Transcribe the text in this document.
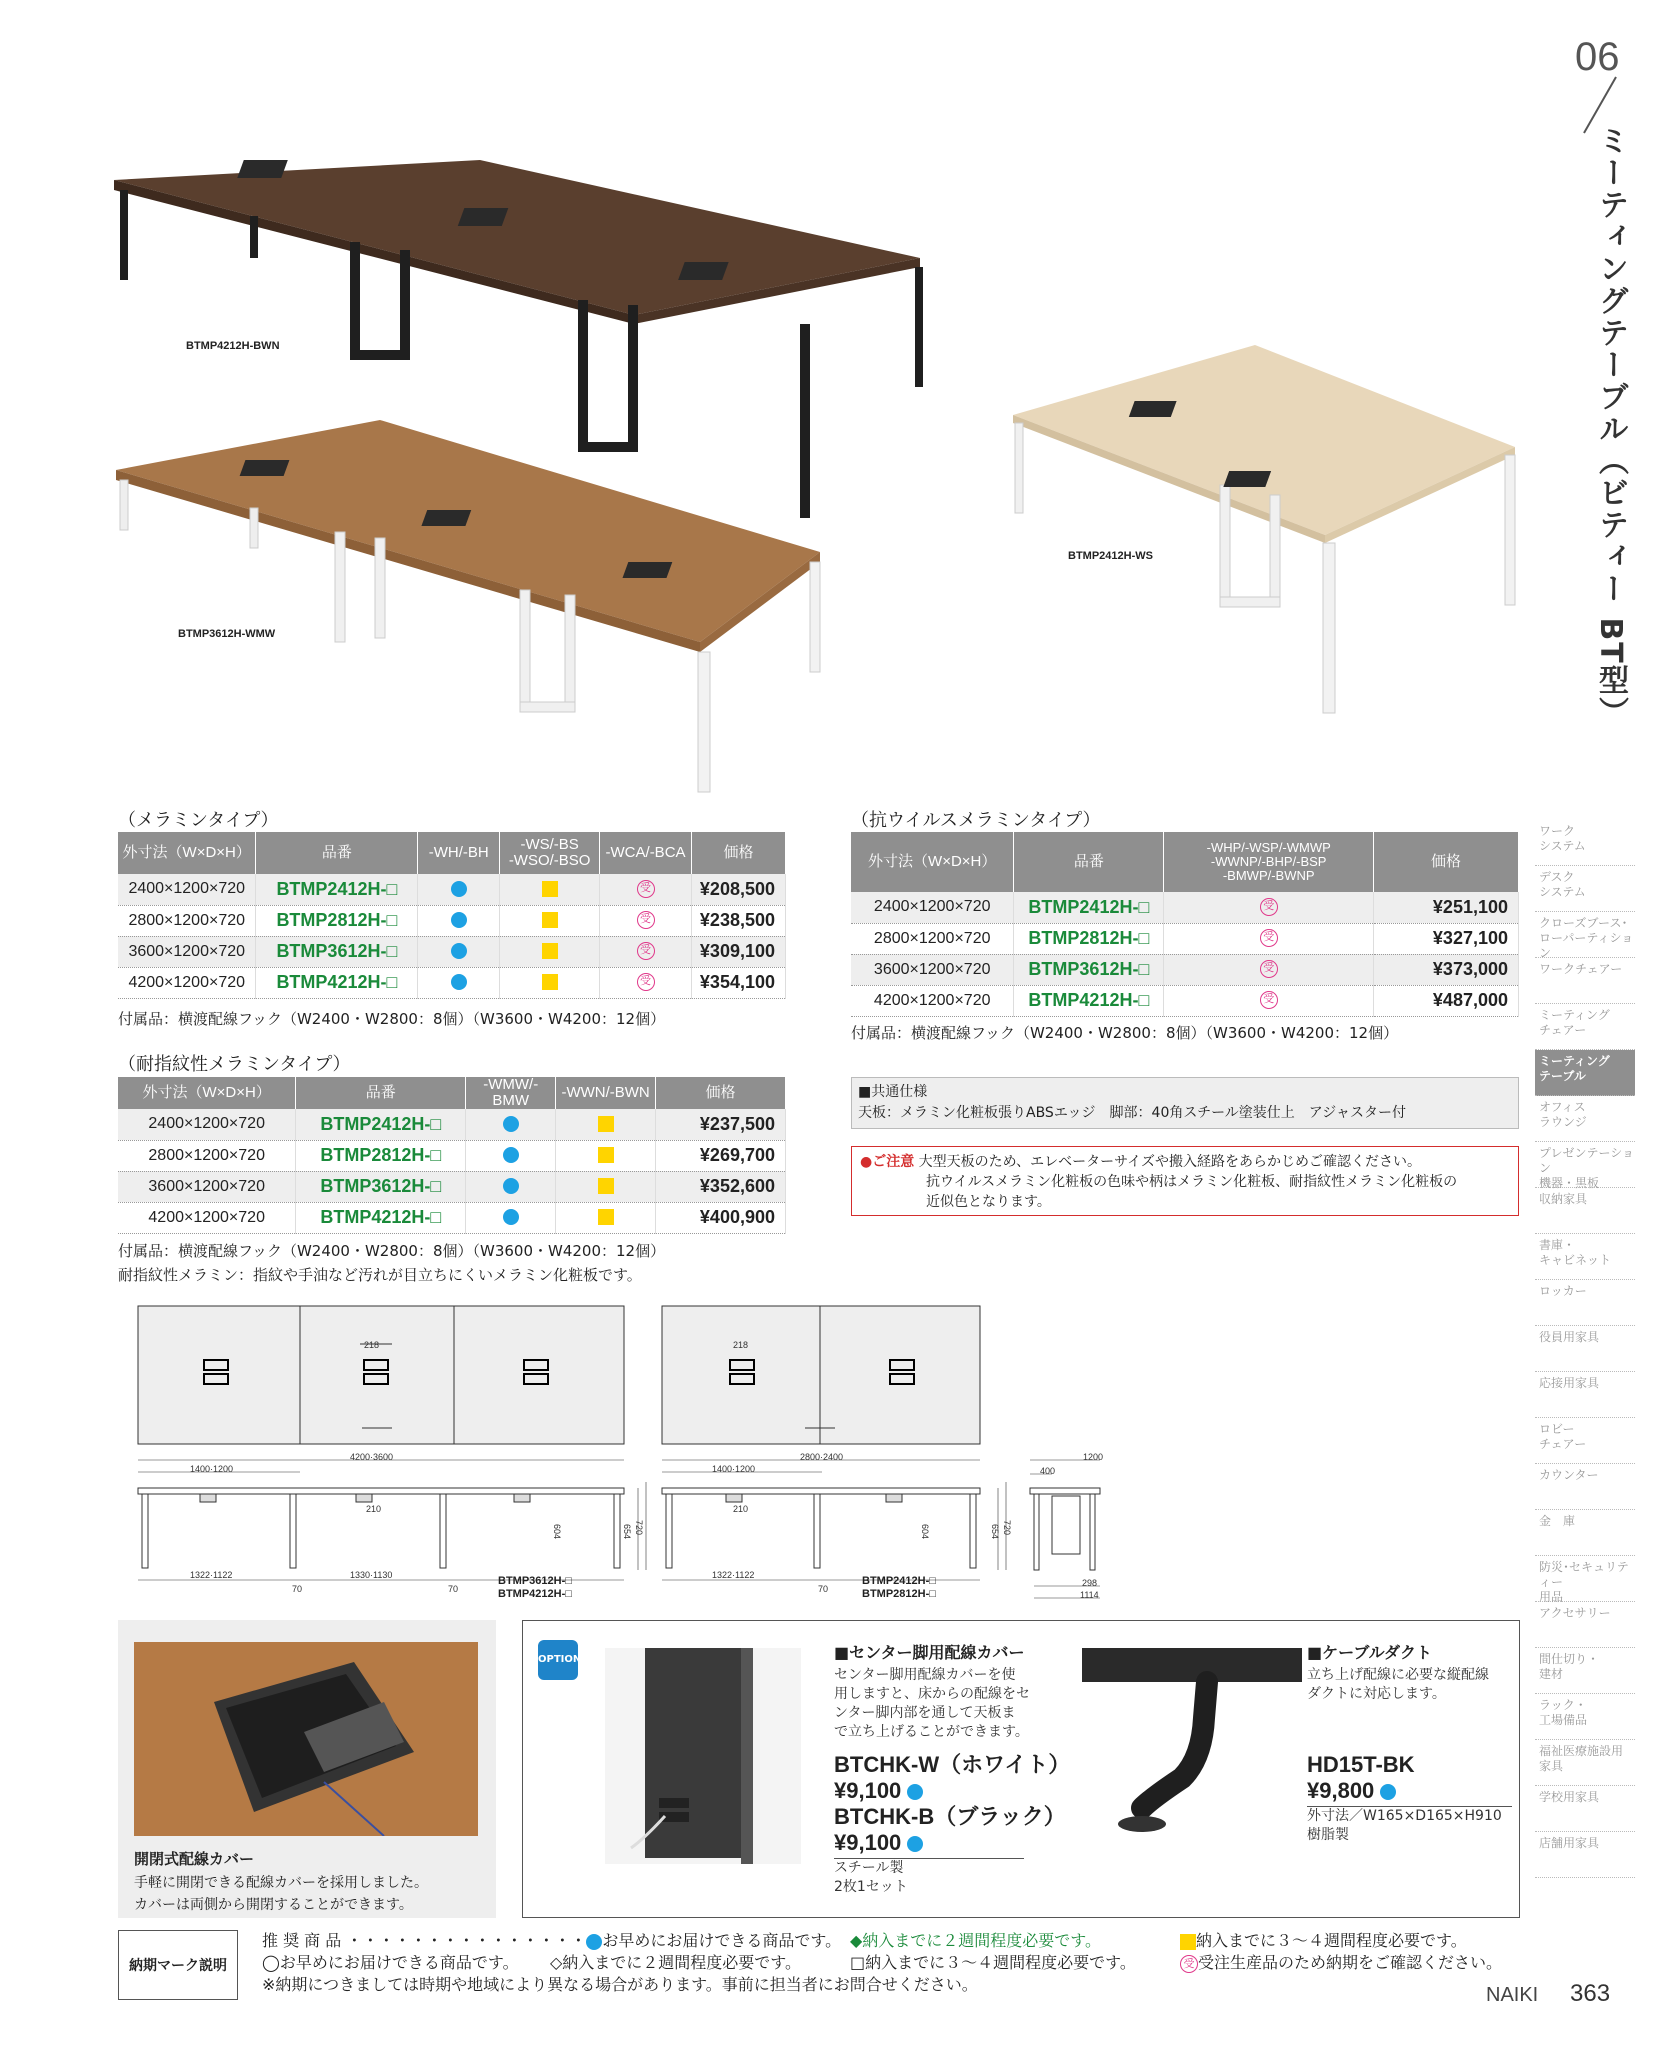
06
ミーティングテーブル（ビティー BT型）
BTMP4212H-BWN
BTMP3612H-WMW
BTMP2412H-WS
（メラミンタイプ）
外寸法（W×D×H）	品番	-WH/-BH	-WS/-BS
-WSO/-BSO	-WCA/-BCA	価格
2400×1200×720	BTMP2412H-□			受	¥208,500
2800×1200×720	BTMP2812H-□			受	¥238,500
3600×1200×720	BTMP3612H-□			受	¥309,100
4200×1200×720	BTMP4212H-□			受	¥354,100
付属品：横渡配線フック（W2400・W2800：8個）（W3600・W4200：12個）
（抗ウイルスメラミンタイプ）
外寸法（W×D×H）	品番	-WHP/-WSP/-WMWP
-WWNP/-BHP/-BSP
-BMWP/-BWNP	価格
2400×1200×720	BTMP2412H-□	受	¥251,100
2800×1200×720	BTMP2812H-□	受	¥327,100
3600×1200×720	BTMP3612H-□	受	¥373,000
4200×1200×720	BTMP4212H-□	受	¥487,000
付属品：横渡配線フック（W2400・W2800：8個）（W3600・W4200：12個）
■共通仕様
天板：メラミン化粧板張りABSエッジ　脚部：40角スチール塗装仕上　アジャスター付
●ご注意 大型天板のため、エレベーターサイズや搬入経路をあらかじめご確認ください。
抗ウイルスメラミン化粧板の色味や柄はメラミン化粧板、耐指紋性メラミン化粧板の
近似色となります。
（耐指紋性メラミンタイプ）
外寸法（W×D×H）	品番	-WMW/-BMW	-WWN/-BWN	価格
2400×1200×720	BTMP2412H-□			¥237,500
2800×1200×720	BTMP2812H-□			¥269,700
3600×1200×720	BTMP3612H-□			¥352,600
4200×1200×720	BTMP4212H-□			¥400,900
付属品：横渡配線フック（W2400・W2800：8個）（W3600・W4200：12個）
耐指紋性メラミン：指紋や手油など汚れが目立ちにくいメラミン化粧板です。
218	218
4200·3600	2800·2400
1400·1200	1400·1200
210	210
1322·1122	1330·1130	1322·1122
70	70	70
604	654 720	604	654 720
1200
400
298
1114
BTMP3612H-□
BTMP4212H-□
BTMP2412H-□
BTMP2812H-□
開閉式配線カバー
手軽に開閉できる配線カバーを採用しました。
カバーは両側から開閉することができます。
OPTION	■センター脚用配線カバー
センター脚用配線カバーを使
用しますと、床からの配線をセ
ンター脚内部を通して天板ま
で立ち上げることができます。
BTCHK-W（ホワイト）
¥9,100
BTCHK-B（ブラック）
¥9,100
スチール製
2枚1セット
■ケーブルダクト
立ち上げ配線に必要な縦配線
ダクトに対応します。
HD15T-BK
¥9,800
外寸法／W165×D165×H910
樹脂製
納期マーク説明
推 奨 商 品 ・・・・・・・・・・・・・・・ お早めにお届けできる商品です。 ◆納入までに２週間程度必要です。	納入までに３～４週間程度必要です。
◯お早めにお届けできる商品です。 ◇納入までに２週間程度必要です。	□納入までに３～４週間程度必要です。	受 受注生産品のため納期をご確認ください。
※納期につきましては時期や地域により異なる場合があります。事前に担当者にお問合せください。
ワーク
システム
デスク
システム
クローズブース･
ローパーティション
ワークチェアー
ミーティング
チェアー
ミーティング
テーブル
オフィス
ラウンジ
プレゼンテーション
機器・黒板
収納家具
書庫・
キャビネット
ロッカー
役員用家具
応接用家具
ロビー
チェアー
カウンター
金　庫
防災･セキュリティー
用品
アクセサリー
間仕切り・
建材
ラック・
工場備品
福祉医療施設用
家具
学校用家具
店舗用家具
NAIKI 363
